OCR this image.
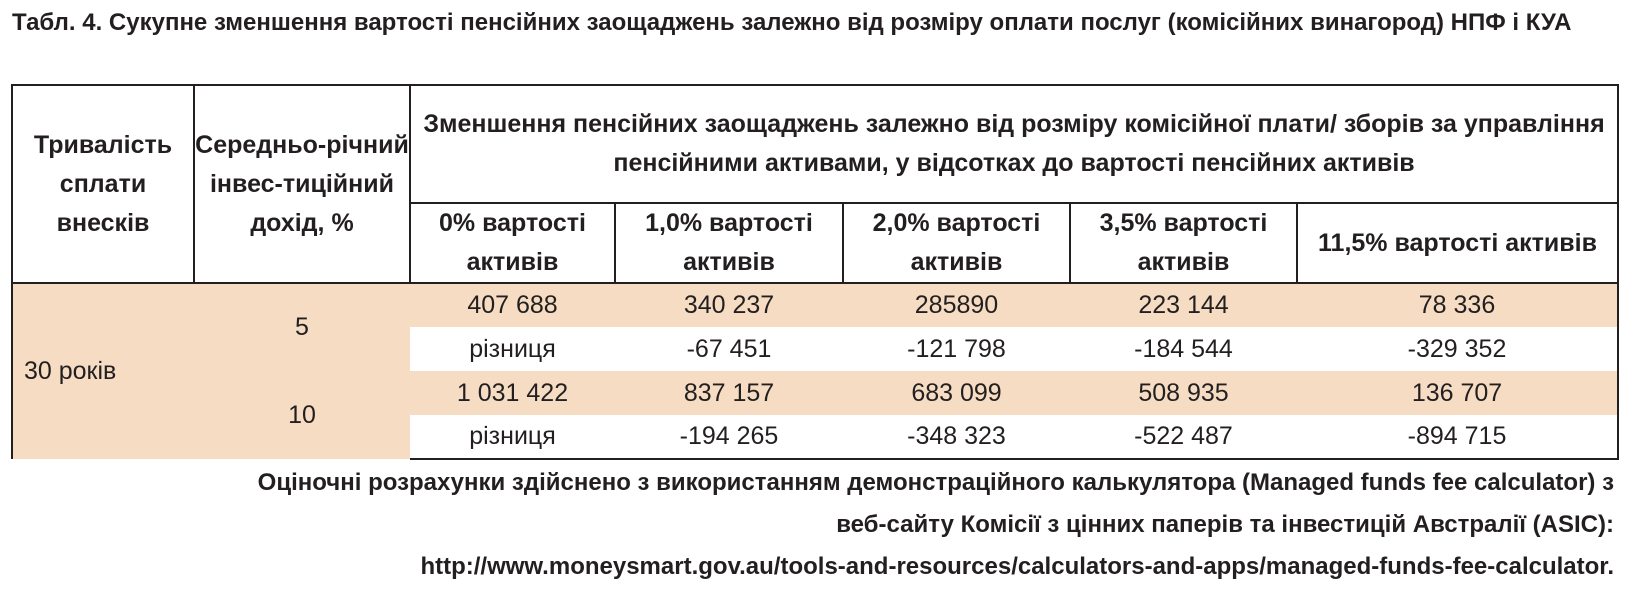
Табл. 4. Сукупне зменшення вартості пенсійних заощаджень залежно від розміру оплати послуг (комісійних винагород) НПФ і КУА

Тривалість сплати внесків	Середньо-річний інвес-тиційний дохід, %	Зменшення пенсійних заощаджень залежно від розміру комісійної плати/ зборів за управління пенсійними активами, у відсотках до вартості пенсійних активів				
		0% вартості активів	1,0% вартості активів	2,0% вартості активів	3,5% вартості активів	11,5% вартості активів
30 років	5	407 688	340 237	285890	223 144	78 336
		різниця	-67 451	-121 798	-184 544	-329 352
	10	1 031 422	837 157	683 099	508 935	136 707
		різниця	-194 265	-348 323	-522 487	-894 715
Оціночні розрахунки здійснено з використанням демонстраційного калькулятора (Managed funds fee calculator) з
веб-сайту Комісії з цінних паперів та інвестицій Австралії (ASIC):
http://www.moneysmart.gov.au/tools-and-resources/calculators-and-apps/managed-funds-fee-calculator.
